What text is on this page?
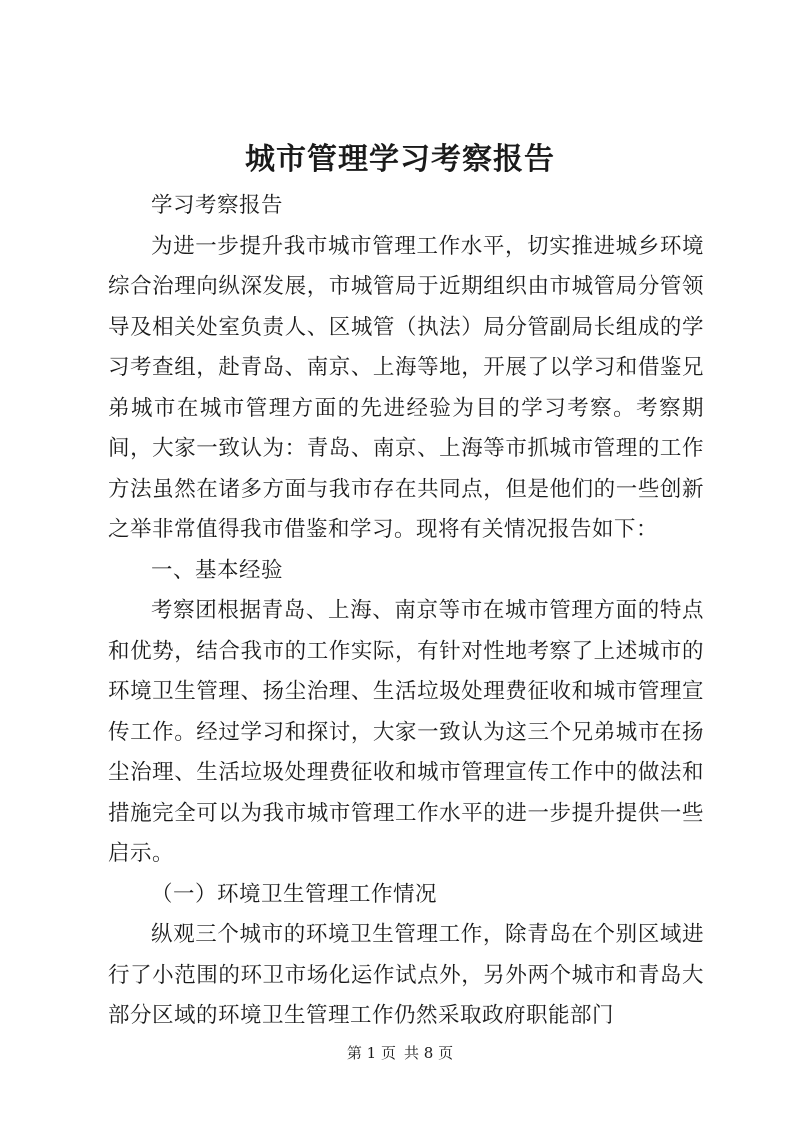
城市管理学习考察报告

学习考察报告

为进一步提升我市城市管理工作水平，切实推进城乡环境综合治理向纵深发展，市城管局于近期组织由市城管局分管领导及相关处室负责人、区城管（执法）局分管副局长组成的学习考查组，赴青岛、南京、上海等地，开展了以学习和借鉴兄弟城市在城市管理方面的先进经验为目的学习考察。考察期间，大家一致认为：青岛、南京、上海等市抓城市管理的工作方法虽然在诸多方面与我市存在共同点，但是他们的一些创新之举非常值得我市借鉴和学习。现将有关情况报告如下：

一、基本经验

考察团根据青岛、上海、南京等市在城市管理方面的特点和优势，结合我市的工作实际，有针对性地考察了上述城市的环境卫生管理、扬尘治理、生活垃圾处理费征收和城市管理宣传工作。经过学习和探讨，大家一致认为这三个兄弟城市在扬尘治理、生活垃圾处理费征收和城市管理宣传工作中的做法和措施完全可以为我市城市管理工作水平的进一步提升提供一些启示。

（一）环境卫生管理工作情况

纵观三个城市的环境卫生管理工作，除青岛在个别区域进行了小范围的环卫市场化运作试点外，另外两个城市和青岛大部分区域的环境卫生管理工作仍然采取政府职能部门

第 1 页 共 8 页
